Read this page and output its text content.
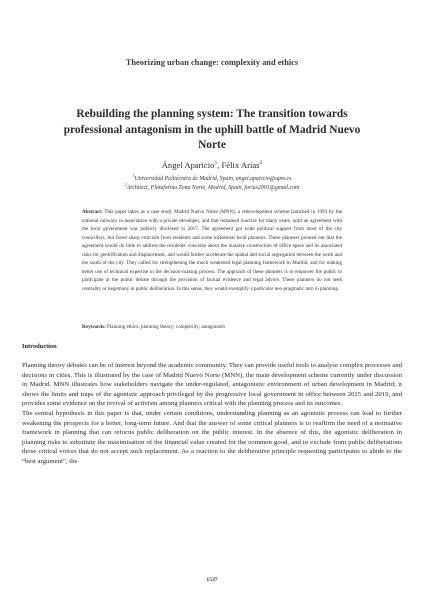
Theorizing urban change: complexity and ethics
Rebuilding the planning system: The transition towards professional antagonism in the uphill battle of Madrid Nuevo Norte
Ángel Aparicio$^1$, Félix Arias$^2$
$^1$Universidad Politécnica de Madrid, Spain, angel.aparicio@upm.es
$^2$Architect, Plataforma Zona Norte, Madrid, Spain, farias2001@gmail.com
Abstract: This paper takes as a case study Madrid Nuevo Norte (MNN), a redevelopment scheme launched in 1993 by the national railways in association with a private developer, and that remained inactive for many years, until an agreement with the local government was publicly disclosed in 2017. The agreement got wide political support from most of the city councillors, but faced sharp criticism from residents and some influential local planners. These planners pointed out that the agreement would do little to address the residents' concerns about the massive construction of office space and its associated risks for gentrification and displacement, and would further accelerate the spatial and social segregation between the north and the south of the city. They called for strengthening the much weakened legal planning framework in Madrid, and for making better use of technical expertise in the decision-making process. The approach of these planners is to empower the public to participate at the public debate through the provision of factual evidence and legal advice. These planners do not seek centrality or hegemony in public deliberation. In this sense, they would exemplify a particular neo-pragmatic turn in planning.
Keywords: Planning ethics; planning theory; complexity; antagonism
Introduction

Planning theory debates can be of interest beyond the academic community. They can provide useful tools to analyse complex processes and decisions in cities. This is illustrated by the case of Madrid Nuevo Norte (MNN), the main development scheme currently under discussion in Madrid. MNN illustrates how stakeholders navigate the under-regulated, antagonistic environment of urban development in Madrid; it shows the limits and traps of the agonistic approach privileged by the progressive local government in office between 2015 and 2019, and provides some evidence on the revival of activism among planners critical with the planning process and its outcomes.

The central hypothesis in this paper is that, under certain conditions, understanding planning as an agonistic process can lead to further weakening the prospects for a better, long-term future. And that the answer of some critical planners is to reaffirm the need of a normative framework in planning that can refocus public deliberation on the public interest. In the absence of this, the agonistic deliberation in planning risks to substitute the maximisation of the financial value created for the common good, and to exclude from public deliberations those critical voices that do not accept such replacement. As a reaction to the deliberative principle requesting participants to abide to the “best argument”, the

1537
